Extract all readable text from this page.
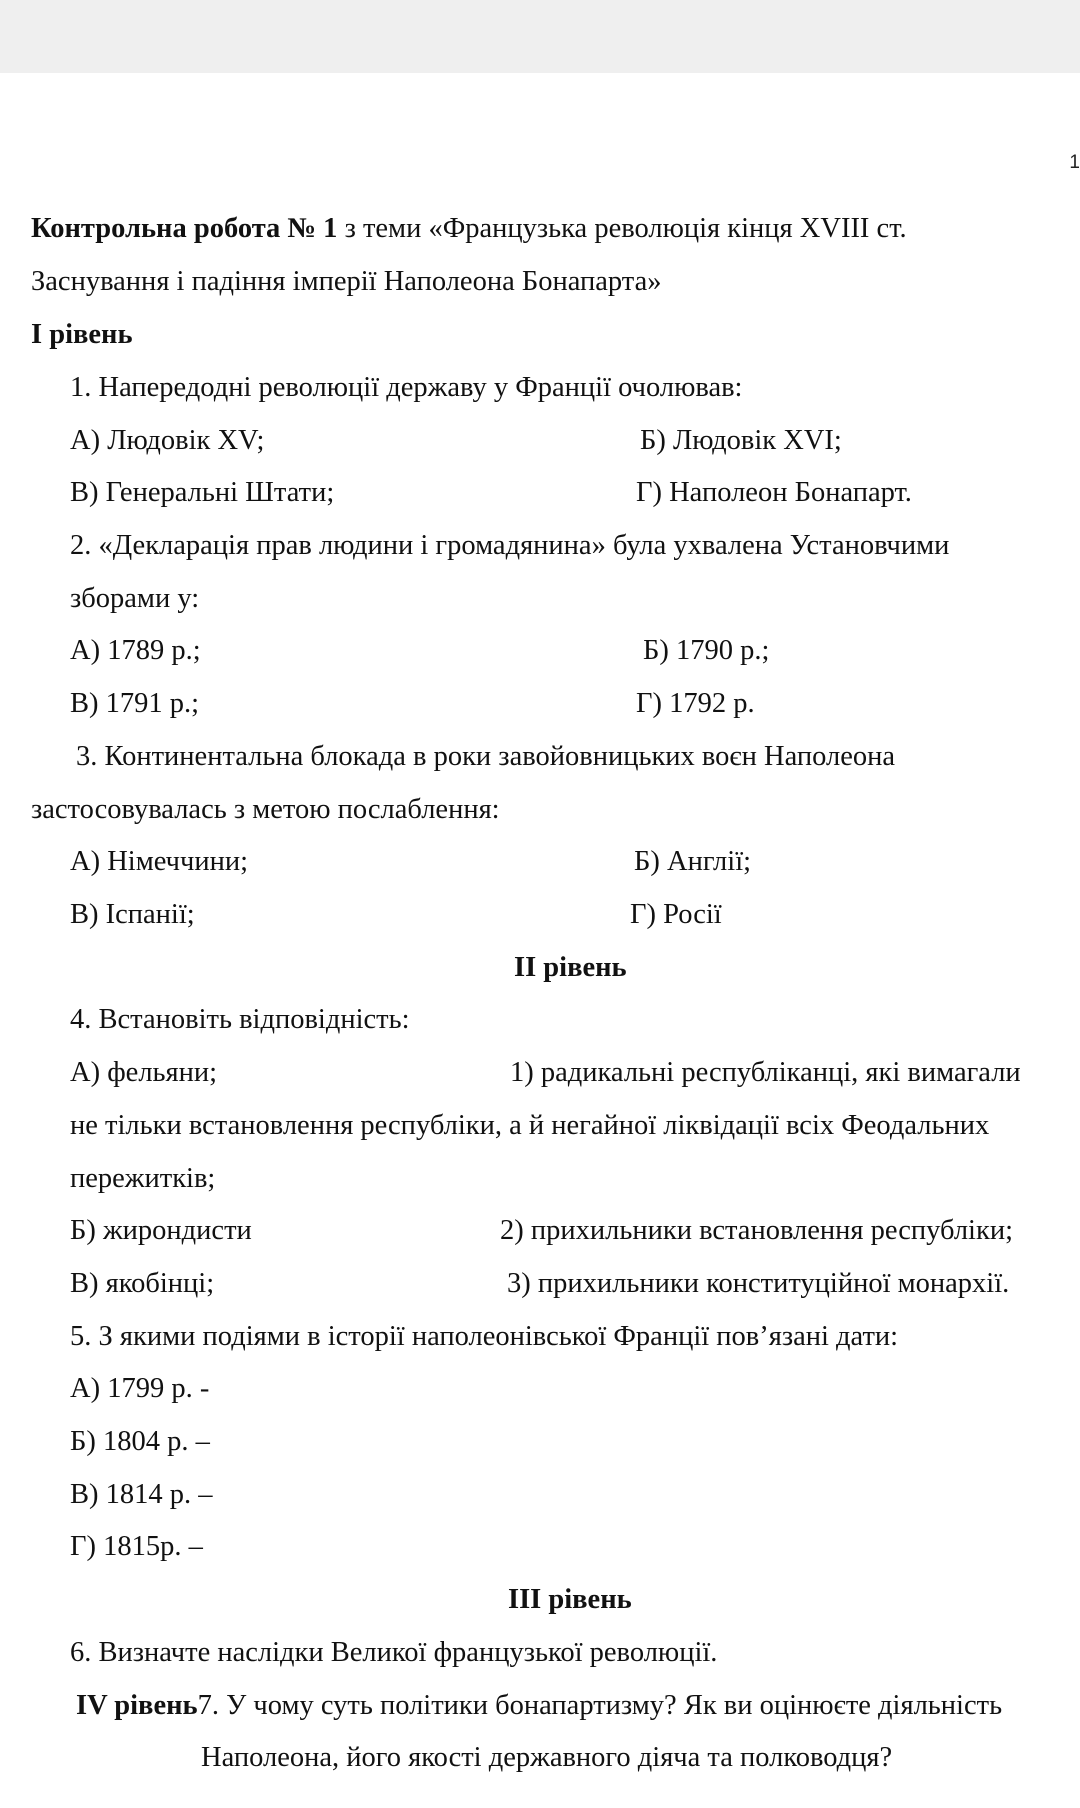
1
Контрольна робота № 1 з теми «Французька революція кінця XVIII ст.
Заснування і падіння імперії Наполеона Бонапарта»
І рівень
1. Напередодні революції державу у Франції очолював:
А) Людовік XV;	Б) Людовік XVI;
В) Генеральні Штати;	Г) Наполеон Бонапарт.
2. «Декларація прав людини і громадянина» була ухвалена Установчими
зборами у:
А) 1789 р.;	Б) 1790 р.;
В) 1791 р.;	Г) 1792 р.
3. Континентальна блокада в роки завойовницьких воєн Наполеона
застосовувалась з метою послаблення:
А) Німеччини;	Б) Англії;
В) Іспанії;	Г) Росії
ІІ рівень
4. Встановіть відповідність:
А) фельяни;	1) радикальні республіканці, які вимагали
не тільки встановлення республіки, а й негайної ліквідації всіх Феодальних
пережитків;
Б) жирондисти	2) прихильники встановлення республіки;
В) якобінці;	3) прихильники конституційної монархії.
5. З якими подіями в історії наполеонівської Франції пов’язані дати:
А) 1799 р. -
Б) 1804 р. –
В) 1814 р. –
Г) 1815р. –
ІІІ рівень
6. Визначте наслідки Великої французької революції.
ІV рівень7. У чому суть політики бонапартизму? Як ви оцінюєте діяльність
Наполеона, його якості державного діяча та полководця?
